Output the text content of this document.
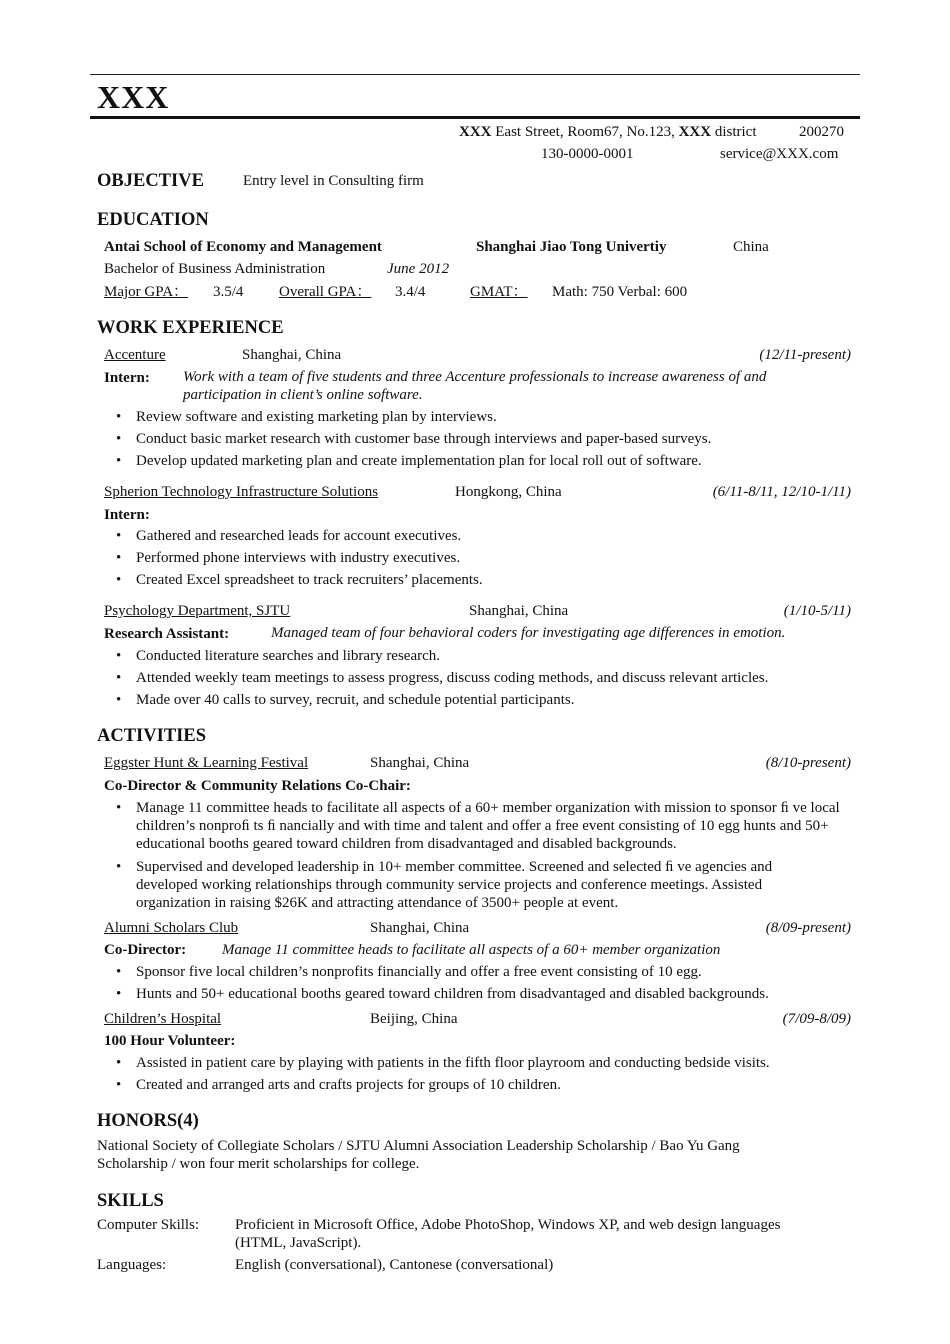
XXX
XXX East Street, Room67, No.123, XXX district	200270
130-0000-0001	service@XXX.com
OBJECTIVE	Entry level in Consulting firm
EDUCATION
Antai School of Economy and Management	Shanghai Jiao Tong Univertiy	China
Bachelor of Business Administration	June 2012
Major GPA： 3.5/4 Overall GPA： 3.4/4	GMAT： Math: 750 Verbal: 600
WORK EXPERIENCE
Accenture	Shanghai, China	(12/11-present)
Intern: Work with a team of five students and three Accenture professionals to increase awareness of and
participation in client’s online software.
• Review software and existing marketing plan by interviews.
• Conduct basic market research with customer base through interviews and paper-based surveys.
• Develop updated marketing plan and create implementation plan for local roll out of software.
Spherion Technology Infrastructure Solutions	Hongkong, China	(6/11-8/11, 12/10-1/11)
Intern:
• Gathered and researched leads for account executives.
• Performed phone interviews with industry executives.
• Created Excel spreadsheet to track recruiters’ placements.
Psychology Department, SJTU	Shanghai, China	(1/10-5/11)
Research Assistant:	Managed team of four behavioral coders for investigating age differences in emotion.
• Conducted literature searches and library research.
• Attended weekly team meetings to assess progress, discuss coding methods, and discuss relevant articles.
• Made over 40 calls to survey, recruit, and schedule potential participants.
ACTIVITIES
Eggster Hunt & Learning Festival	Shanghai, China	(8/10-present)
Co-Director & Community Relations Co-Chair:
• Manage 11 committee heads to facilitate all aspects of a 60+ member organization with mission to sponsor ﬁ ve local children’s nonproﬁ ts ﬁ nancially and with time and talent and offer a free event consisting of 10 egg hunts and 50+ educational booths geared toward children from disadvantaged and disabled backgrounds.
• Supervised and developed leadership in 10+ member committee. Screened and selected ﬁ ve agencies and developed working relationships through community service projects and conference meetings. Assisted organization in raising $26K and attracting attendance of 3500+ people at event.
Alumni Scholars Club	Shanghai, China	(8/09-present)
Co-Director: Manage 11 committee heads to facilitate all aspects of a 60+ member organization
• Sponsor five local children’s nonprofits financially and offer a free event consisting of 10 egg.
• Hunts and 50+ educational booths geared toward children from disadvantaged and disabled backgrounds.
Children’s Hospital	Beijing, China	(7/09-8/09)
100 Hour Volunteer:
• Assisted in patient care by playing with patients in the fifth floor playroom and conducting bedside visits.
• Created and arranged arts and crafts projects for groups of 10 children.
HONORS(4)
National Society of Collegiate Scholars / SJTU Alumni Association Leadership Scholarship / Bao Yu Gang Scholarship / won four merit scholarships for college.
SKILLS
Computer Skills: Proficient in Microsoft Office, Adobe PhotoShop, Windows XP, and web design languages (HTML, JavaScript).
Languages:	English (conversational), Cantonese (conversational)
